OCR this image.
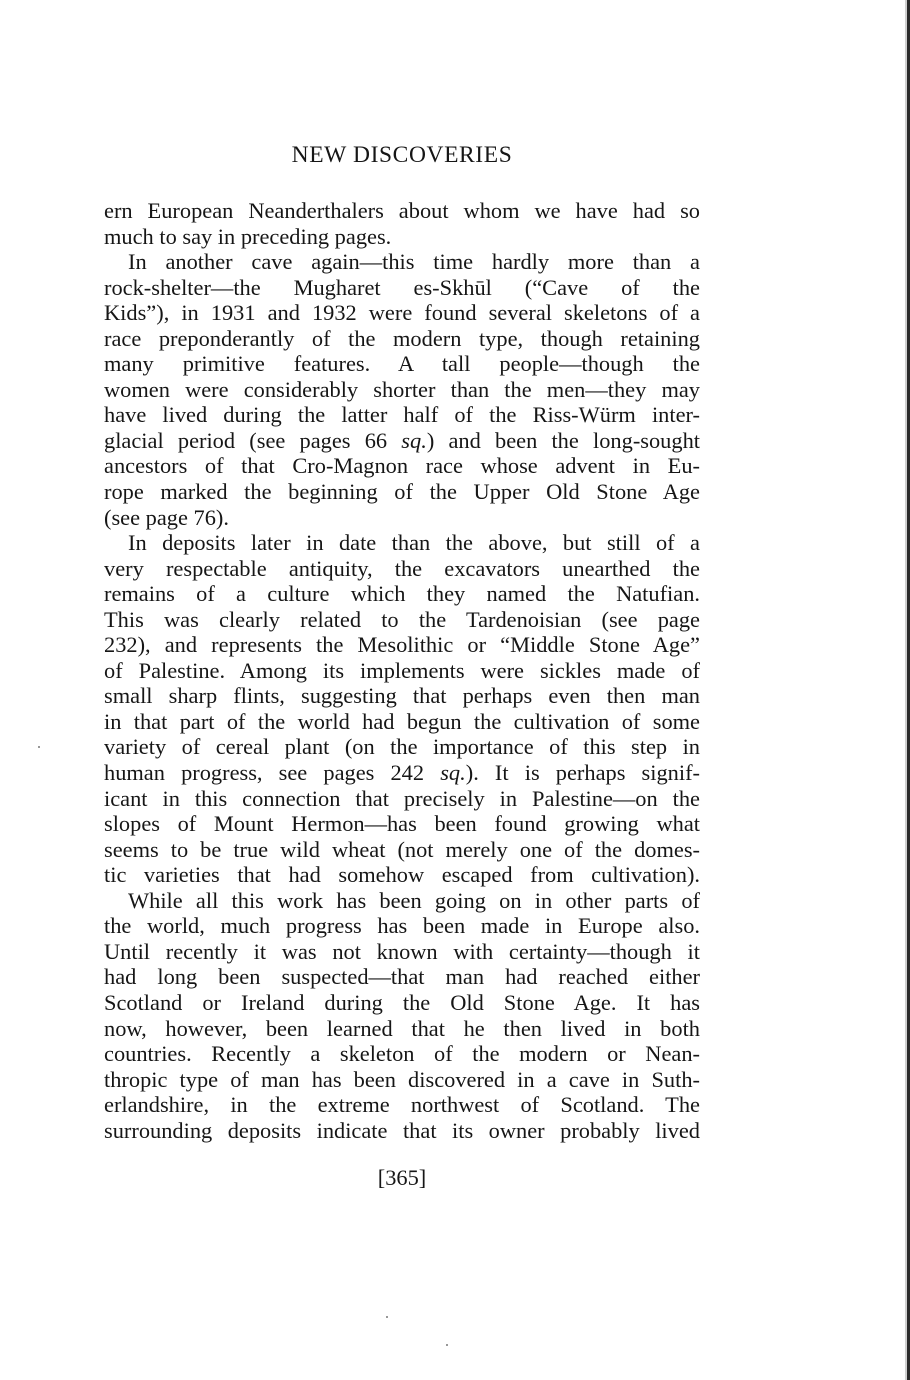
NEW DISCOVERIES
ern European Neanderthalers about whom we have had so
much to say in preceding pages.
In another cave again—this time hardly more than a
rock-shelter—the Mugharet es-Skhūl (“Cave of the
Kids”), in 1931 and 1932 were found several skeletons of a
race preponderantly of the modern type, though retaining
many primitive features. A tall people—though the
women were considerably shorter than the men—they may
have lived during the latter half of the Riss-Würm inter-
glacial period (see pages 66 sq.) and been the long-sought
ancestors of that Cro-Magnon race whose advent in Eu-
rope marked the beginning of the Upper Old Stone Age
(see page 76).
In deposits later in date than the above, but still of a
very respectable antiquity, the excavators unearthed the
remains of a culture which they named the Natufian.
This was clearly related to the Tardenoisian (see page
232), and represents the Mesolithic or “Middle Stone Age”
of Palestine. Among its implements were sickles made of
small sharp flints, suggesting that perhaps even then man
in that part of the world had begun the cultivation of some
variety of cereal plant (on the importance of this step in
human progress, see pages 242 sq.). It is perhaps signif-
icant in this connection that precisely in Palestine—on the
slopes of Mount Hermon—has been found growing what
seems to be true wild wheat (not merely one of the domes-
tic varieties that had somehow escaped from cultivation).
While all this work has been going on in other parts of
the world, much progress has been made in Europe also.
Until recently it was not known with certainty—though it
had long been suspected—that man had reached either
Scotland or Ireland during the Old Stone Age. It has
now, however, been learned that he then lived in both
countries. Recently a skeleton of the modern or Nean-
thropic type of man has been discovered in a cave in Suth-
erlandshire, in the extreme northwest of Scotland. The
surrounding deposits indicate that its owner probably lived
[365]
